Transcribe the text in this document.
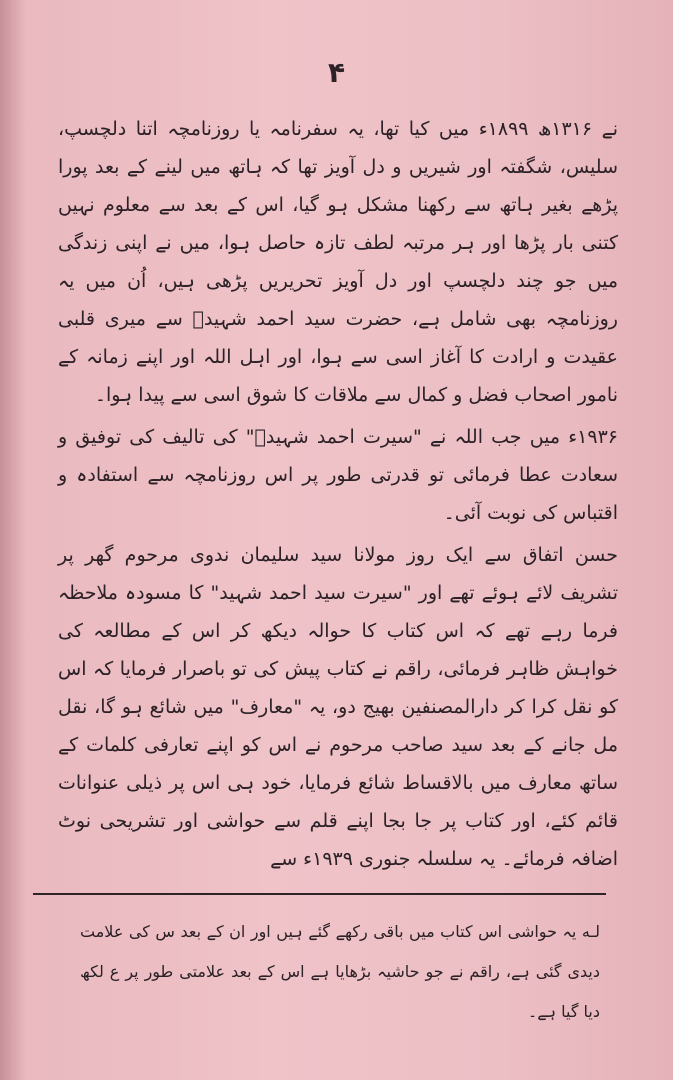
۴

نے ۱۳۱۶ھ ۱۸۹۹ء میں کیا تھا، یہ سفرنامہ یا روزنامچہ اتنا دلچسپ، سلیس، شگفتہ اور شیریں و دل آویز تھا کہ ہاتھ میں لینے کے بعد پورا پڑھے بغیر ہاتھ سے رکھنا مشکل ہو گیا، اس کے بعد سے معلوم نہیں کتنی بار پڑھا اور ہر مرتبہ لطف تازہ حاصل ہوا، میں نے اپنی زندگی میں جو چند دلچسپ اور دل آویز تحریریں پڑھی ہیں، اُن میں یہ روزنامچہ بھی شامل ہے، حضرت سید احمد شہیدؒ سے میری قلبی عقیدت و ارادت کا آغاز اسی سے ہوا، اور اہل اللہ اور اپنے زمانہ کے نامور اصحاب فضل و کمال سے ملاقات کا شوق اسی سے پیدا ہوا۔

۱۹۳۶ء میں جب اللہ نے "سیرت احمد شہیدؒ" کی تالیف کی توفیق و سعادت عطا فرمائی تو قدرتی طور پر اس روزنامچہ سے استفادہ و اقتباس کی نوبت آئی۔

حسن اتفاق سے ایک روز مولانا سید سلیمان ندوی مرحوم گھر پر تشریف لائے ہوئے تھے اور "سیرت سید احمد شہید" کا مسودہ ملاحظہ فرما رہے تھے کہ اس کتاب کا حوالہ دیکھ کر اس کے مطالعہ کی خواہش ظاہر فرمائی، راقم نے کتاب پیش کی تو باصرار فرمایا کہ اس کو نقل کرا کر دارالمصنفین بھیج دو، یہ "معارف" میں شائع ہو گا، نقل مل جانے کے بعد سید صاحب مرحوم نے اس کو اپنے تعارفی کلمات کے ساتھ معارف میں بالاقساط شائع فرمایا، خود ہی اس پر ذیلی عنوانات قائم کئے، اور کتاب پر جا بجا اپنے قلم سے حواشی اور تشریحی نوٹ اضافہ فرمائے۔ یہ سلسلہ جنوری ۱۹۳۹ء سے

لـه یہ حواشی اس کتاب میں باقی رکھے گئے ہیں اور ان کے بعد س کی علامت دیدی گئی ہے، راقم نے جو حاشیہ بڑھایا ہے اس کے بعد علامتی طور پر ع لکھ دیا گیا ہے۔
